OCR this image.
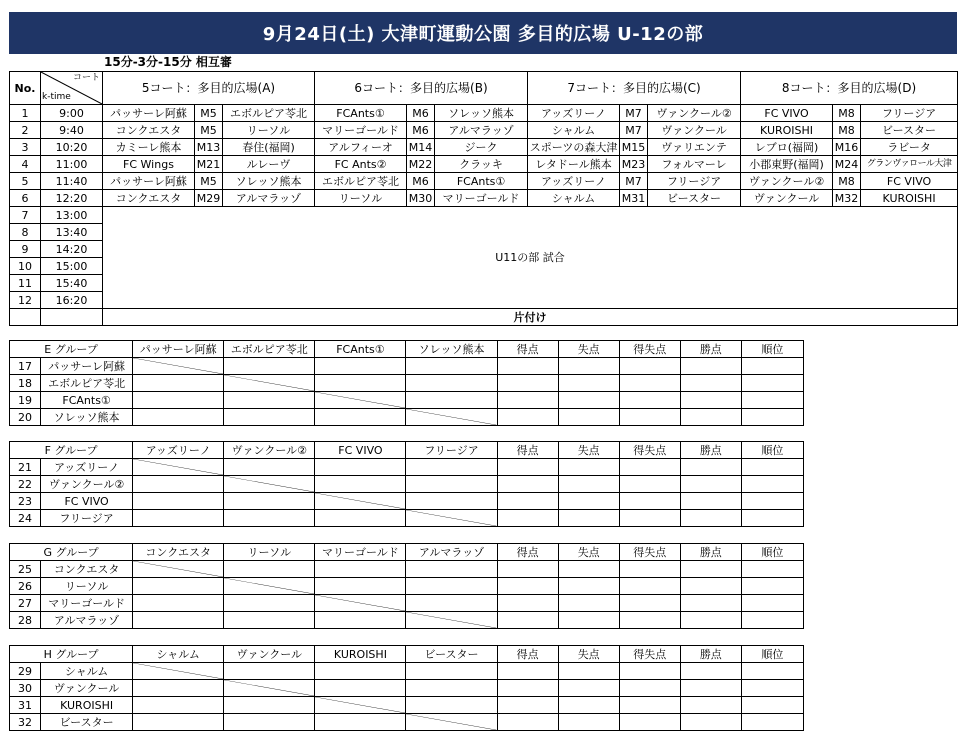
9月24日(土) 大津町運動公園 多目的広場 U-12の部
15分-3分-15分 相互審
No.	コート
k-time	5コート：多目的広場(A)			6コート：多目的広場(B)			7コート：多目的広場(C)			8コート：多目的広場(D)		
1	9:00	パッサーレ阿蘇	M5	エボルピア苓北	FCAnts①	M6	ソレッソ熊本	アッズリーノ	M7	ヴァンクール②	FC VIVO	M8	フリージア
2	9:40	コンクエスタ	M5	リーソル	マリーゴールド	M6	アルマラッゾ	シャルム	M7	ヴァンクール	KUROISHI	M8	ビースター
3	10:20	カミーレ熊本	M13	春住(福岡)	アルフィーオ	M14	ジーク	スポーツの森大津	M15	ヴァリエンテ	レブロ(福岡)	M16	ラビータ
4	11:00	FC Wings	M21	ルレーヴ	FC Ants②	M22	クラッキ	レタドール熊本	M23	フォルマーレ	小郡東野(福岡)	M24	グランヴァロール大津
5	11:40	パッサーレ阿蘇	M5	ソレッソ熊本	エボルピア苓北	M6	FCAnts①	アッズリーノ	M7	フリージア	ヴァンクール②	M8	FC VIVO
6	12:20	コンクエスタ	M29	アルマラッゾ	リーソル	M30	マリーゴールド	シャルム	M31	ビースター	ヴァンクール	M32	KUROISHI
7	13:00	U11の部 試合											
8	13:40												
9	14:20												
10	15:00												
11	15:40												
12	16:20												
		片付け											
E グループ		パッサーレ阿蘇	エボルピア苓北	FCAnts①	ソレッソ熊本	得点	失点	得失点	勝点	順位
17	パッサーレ阿蘇	

18	エボルピア苓北		

19	FCAnts①			

20	ソレッソ熊本				

F グループ		アッズリーノ	ヴァンクール②	FC VIVO	フリージア	得点	失点	得失点	勝点	順位
21	アッズリーノ	

22	ヴァンクール②		

23	FC VIVO			

24	フリージア				

G グループ		コンクエスタ	リーソル	マリーゴールド	アルマラッゾ	得点	失点	得失点	勝点	順位
25	コンクエスタ	

26	リーソル		

27	マリーゴールド			

28	アルマラッゾ				

H グループ		シャルム	ヴァンクール	KUROISHI	ビースター	得点	失点	得失点	勝点	順位
29	シャルム	

30	ヴァンクール		

31	KUROISHI			

32	ビースター				
